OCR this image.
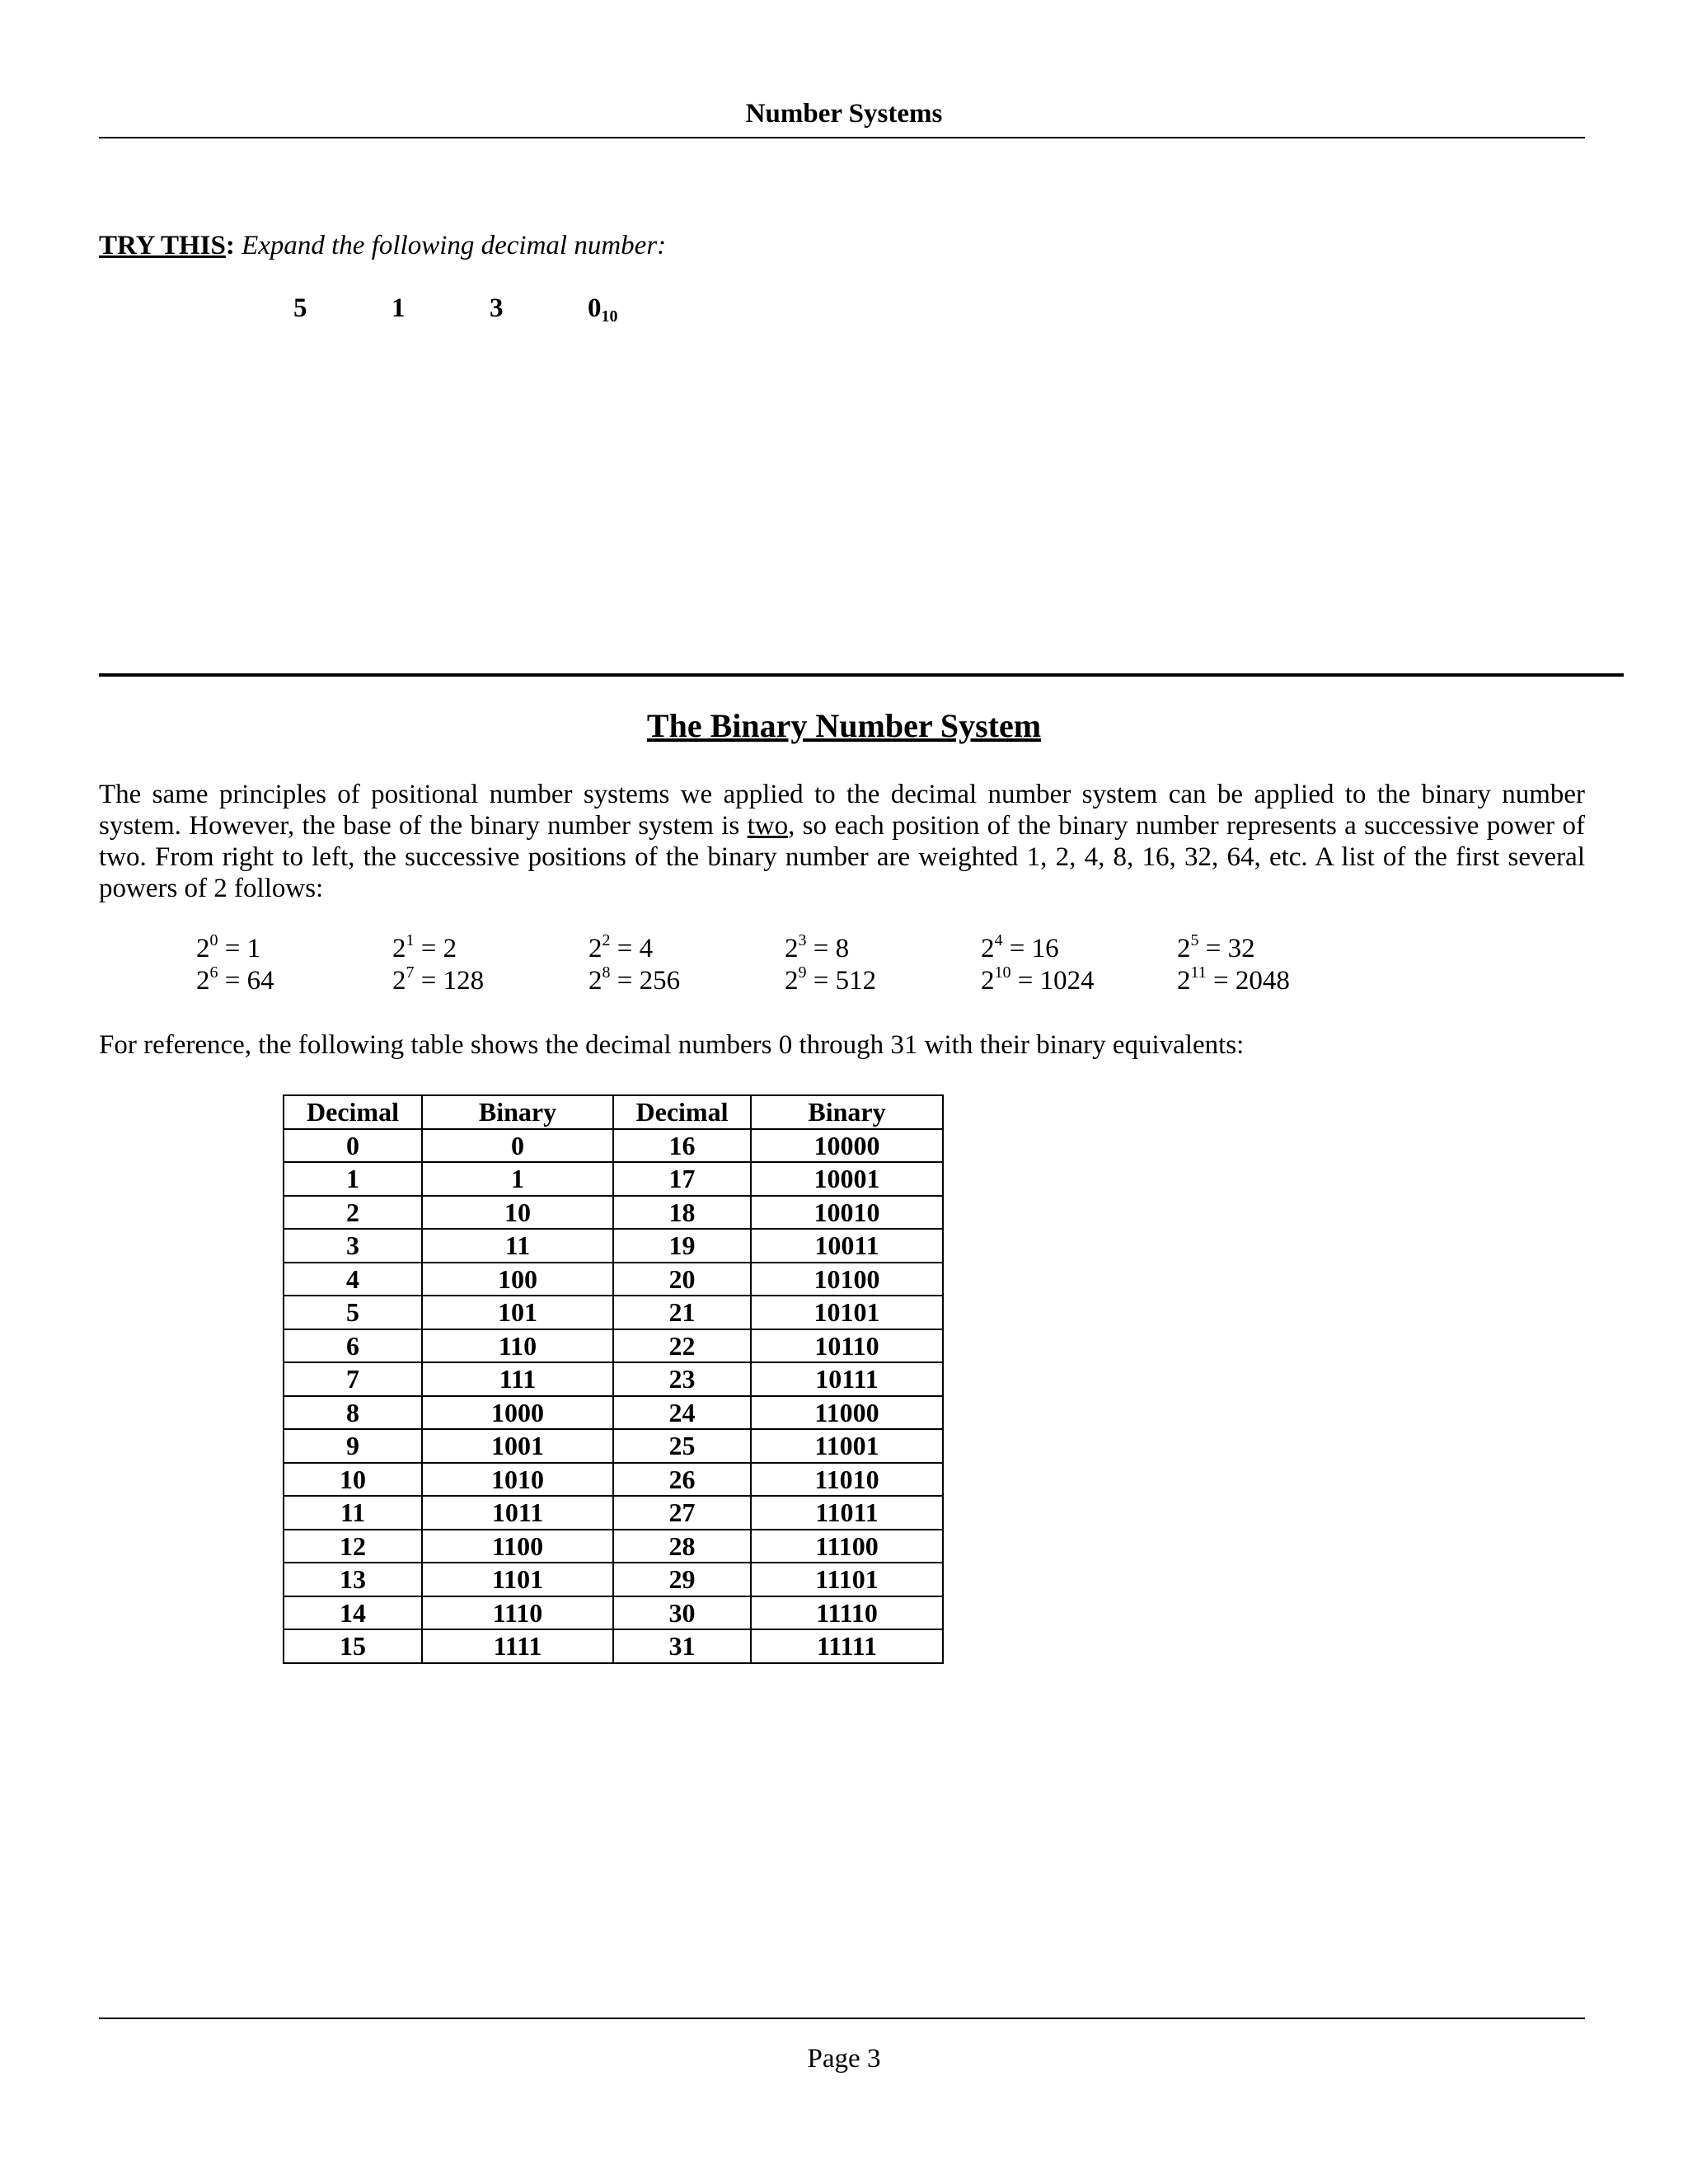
Number Systems
TRY THIS: Expand the following decimal number:
5	1	3	$0_{10}$
The Binary Number System
The same principles of positional number systems we applied to the decimal number system can be applied to the binary number system. However, the base of the binary number system is two, so each position of the binary number represents a successive power of two. From right to left, the successive positions of the binary number are weighted 1, 2, 4, 8, 16, 32, 64, etc. A list of the first several powers of 2 follows:
$2^0 = 1$	$2^1 = 2$	$2^2 = 4$	$2^3 = 8$	$2^4 = 16$	$2^5 = 32$
$2^6 = 64$	$2^7 = 128$	$2^8 = 256$	$2^9 = 512$	$2^{10} = 1024$	$2^{11} = 2048$
For reference, the following table shows the decimal numbers 0 through 31 with their binary equivalents:
Decimal	Binary	Decimal	Binary
0	0	16	10000
1	1	17	10001
2	10	18	10010
3	11	19	10011
4	100	20	10100
5	101	21	10101
6	110	22	10110
7	111	23	10111
8	1000	24	11000
9	1001	25	11001
10	1010	26	11010
11	1011	27	11011
12	1100	28	11100
13	1101	29	11101
14	1110	30	11110
15	1111	31	11111
Page 3
